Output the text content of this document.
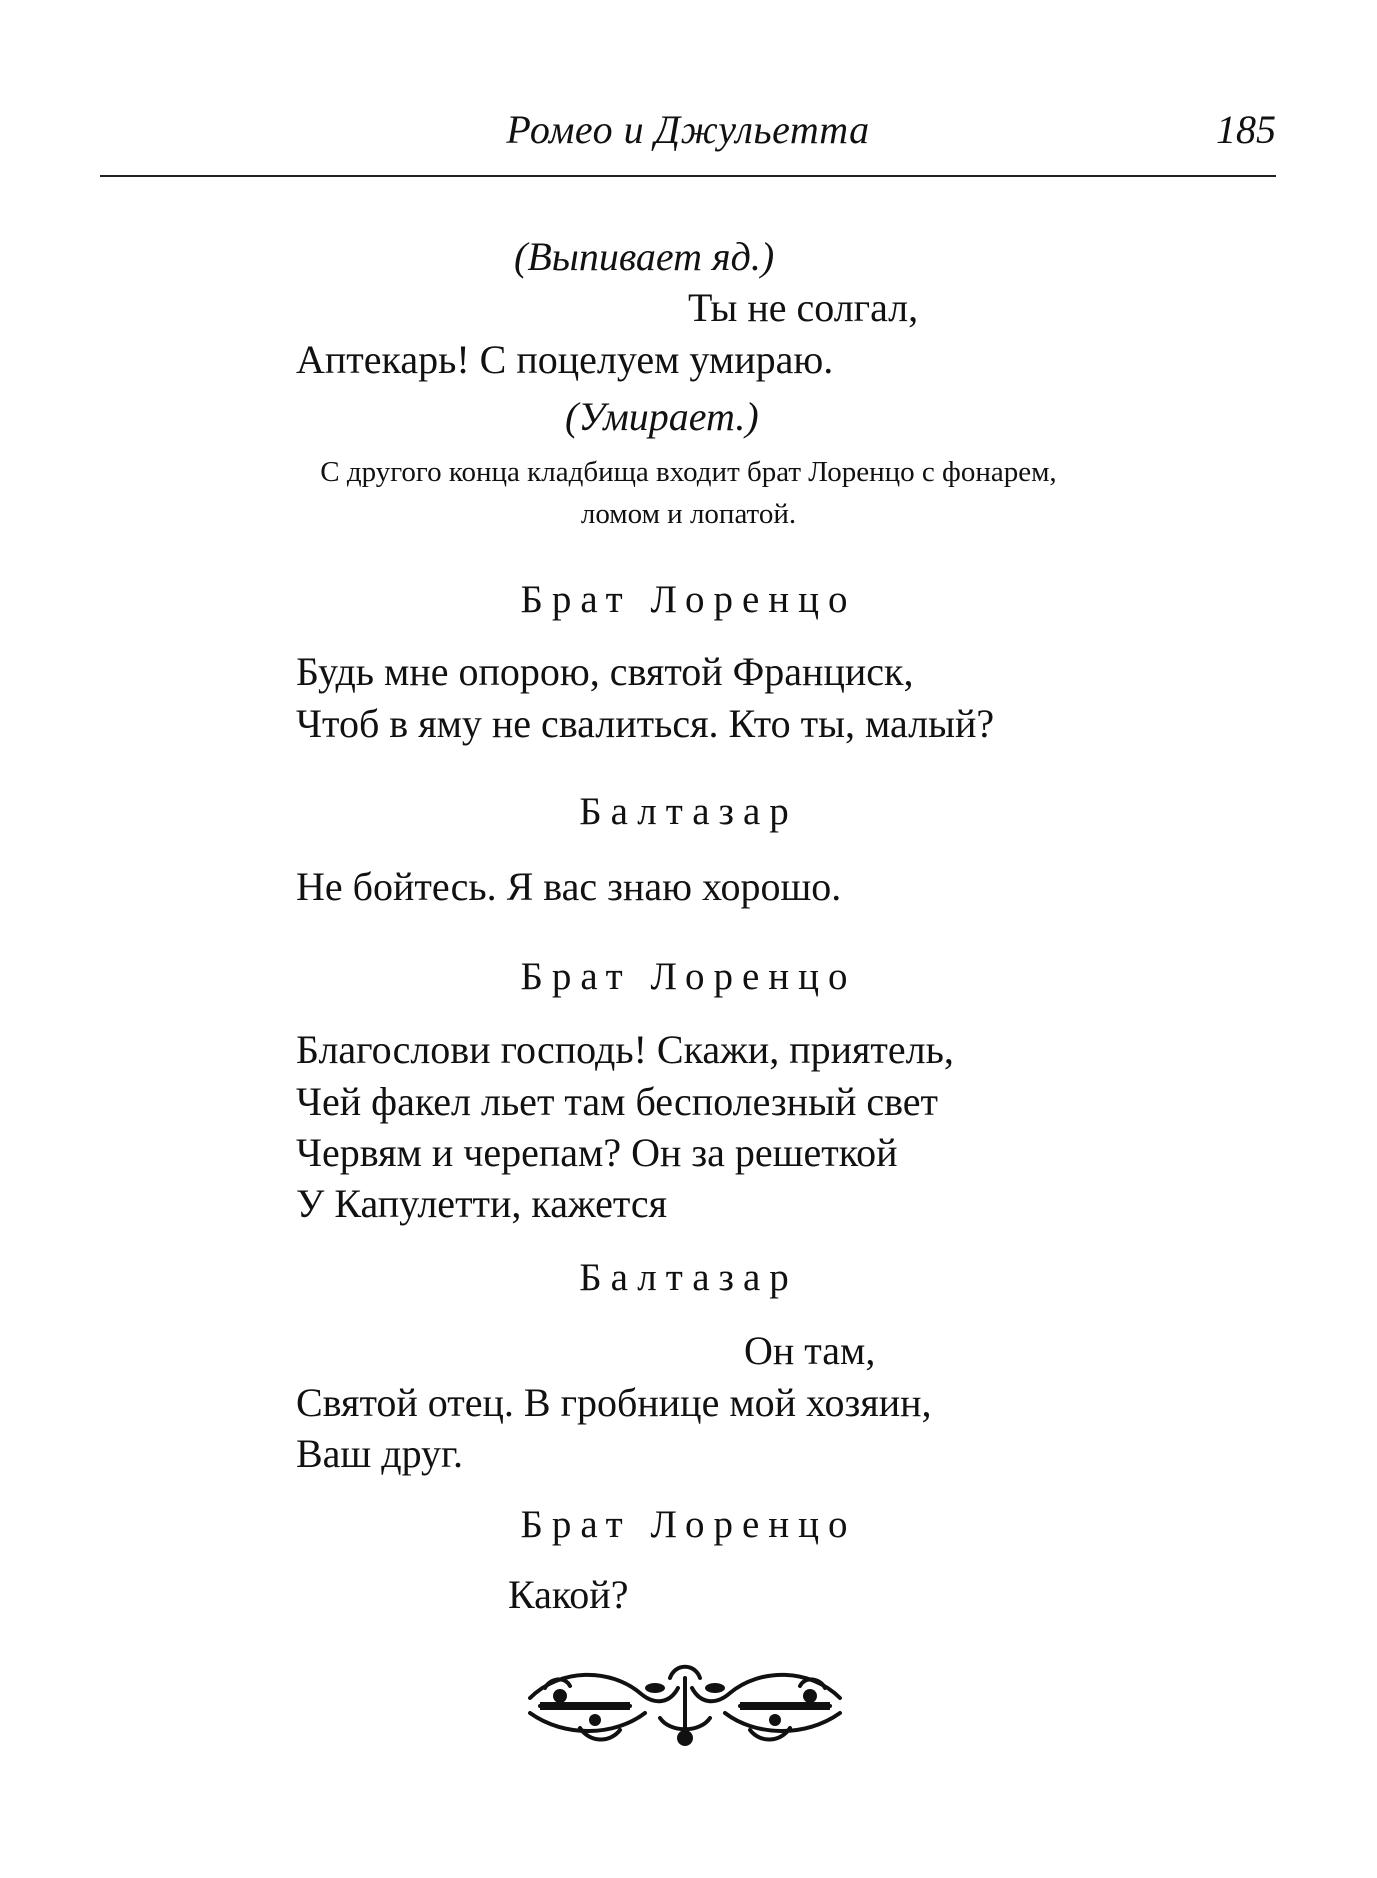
Ромео и Джульетта	185
(Выпивает яд.)
Ты не солгал,
Аптекарь! С поцелуем умираю.
(Умирает.)
С другого конца кладбища входит брат Лоренцо с фонарем,
ломом и лопатой.
Брат Лоренцо
Будь мне опорою, святой Франциск,
Чтоб в яму не свалиться. Кто ты, малый?
Балтазар
Не бойтесь. Я вас знаю хорошо.
Брат Лоренцо
Благослови господь! Скажи, приятель,
Чей факел льет там бесполезный свет
Червям и черепам? Он за решеткой
У Капулетти, кажется
Балтазар
Он там,
Святой отец. В гробнице мой хозяин,
Ваш друг.
Брат Лоренцо
Какой?
